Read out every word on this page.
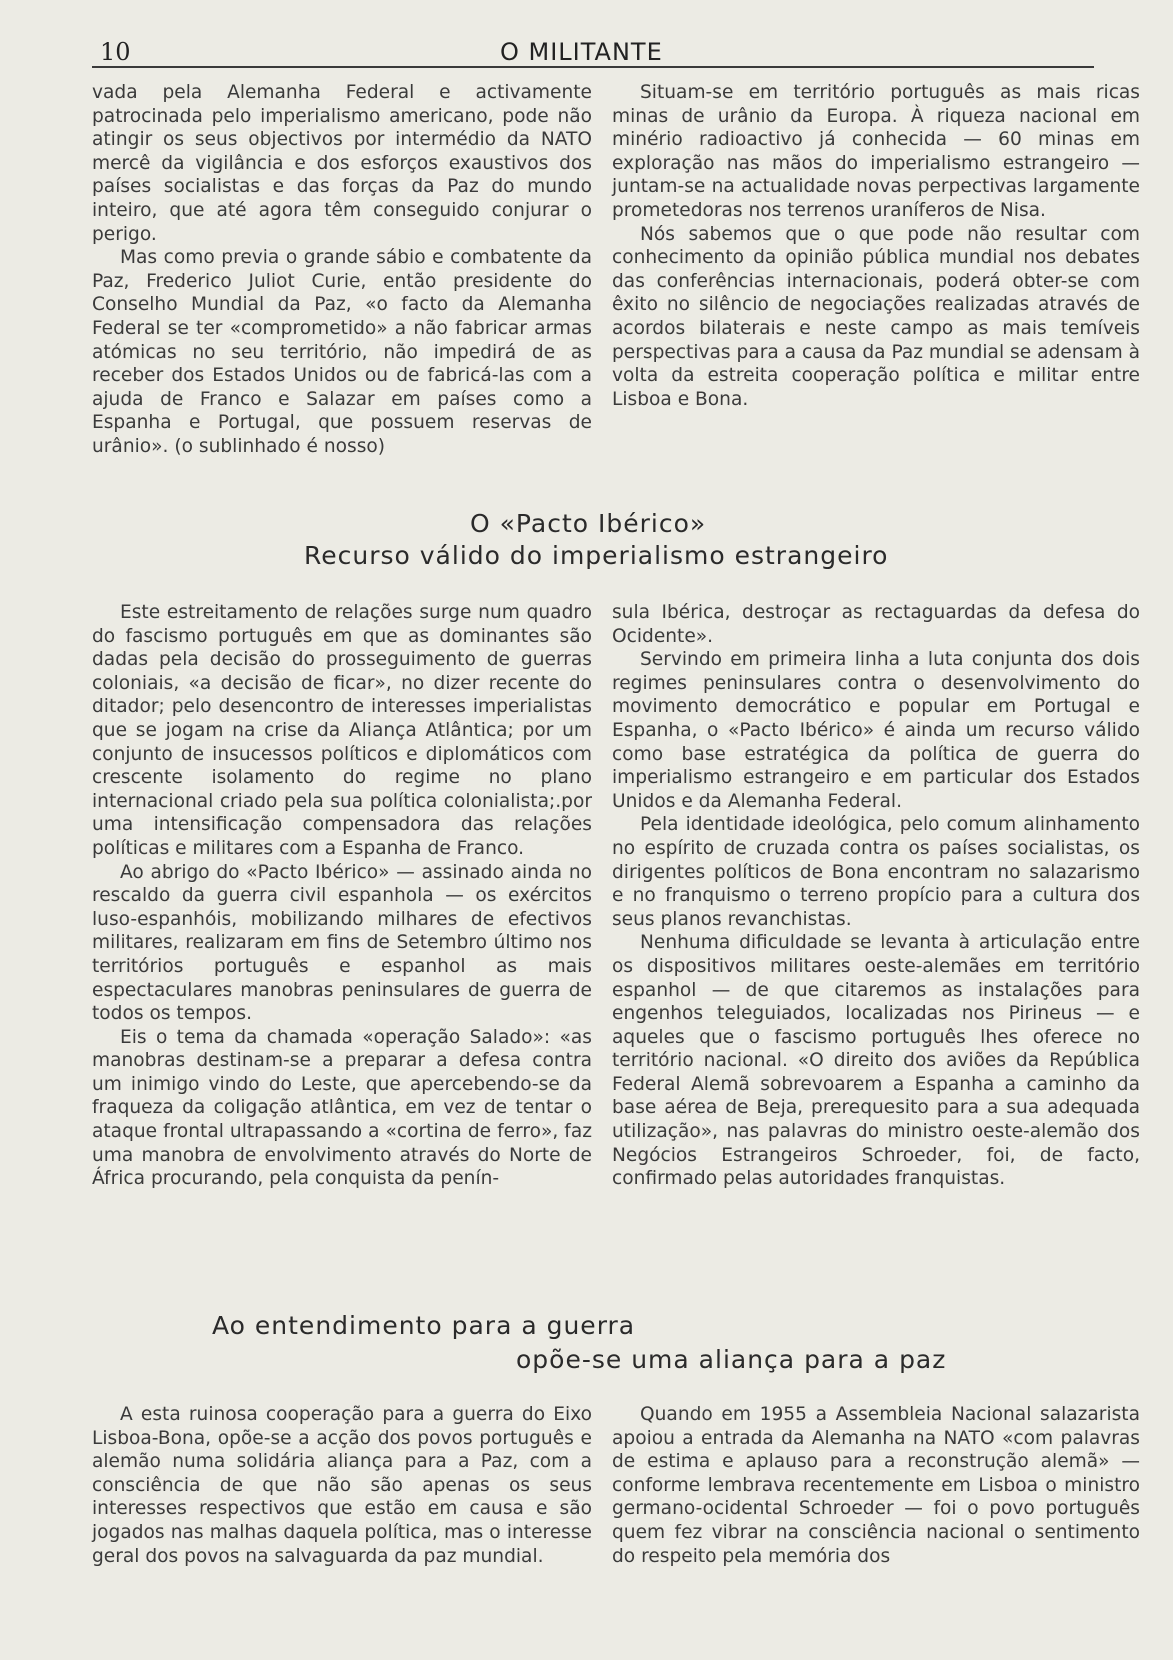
10	O MILITANTE

vada pela Alemanha Federal e activamente patrocinada pelo imperialismo americano, pode não atingir os seus objectivos por intermédio da NATO mercê da vigilância e dos esforços exaustivos dos países socialistas e das forças da Paz do mundo inteiro, que até agora têm conseguido conjurar o perigo.

Mas como previa o grande sábio e combatente da Paz, Frederico Juliot Curie, então presidente do Conselho Mundial da Paz, «o facto da Alemanha Federal se ter «comprometido» a não fabricar armas atómicas no seu território, não impedirá de as receber dos Estados Unidos ou de fabricá-las com a ajuda de Franco e Salazar em países como a Espanha e Portugal, que possuem reservas de urânio». (o sublinhado é nosso)

Situam-se em território português as mais ricas minas de urânio da Europa. À riqueza nacional em minério radioactivo já conhecida — 60 minas em exploração nas mãos do imperialismo estrangeiro — juntam-se na actualidade novas perpectivas largamente prometedoras nos terrenos uraníferos de Nisa.

Nós sabemos que o que pode não resultar com conhecimento da opinião pública mundial nos debates das conferências internacionais, poderá obter-se com êxito no silêncio de negociações realizadas através de acordos bilaterais e neste campo as mais temíveis perspectivas para a causa da Paz mundial se adensam à volta da estreita cooperação política e militar entre Lisboa e Bona.

O «Pacto Ibérico»
Recurso válido do imperialismo estrangeiro

Este estreitamento de relações surge num quadro do fascismo português em que as dominantes são dadas pela decisão do prosseguimento de guerras coloniais, «a decisão de ficar», no dizer recente do ditador; pelo desencontro de interesses imperialistas que se jogam na crise da Aliança Atlântica; por um conjunto de insucessos políticos e diplomáticos com crescente isolamento do regime no plano internacional criado pela sua política colonialista;.por uma intensificação compensadora das relações políticas e militares com a Espanha de Franco.

Ao abrigo do «Pacto Ibérico» — assinado ainda no rescaldo da guerra civil espanhola — os exércitos luso-espanhóis, mobilizando milhares de efectivos militares, realizaram em fins de Setembro último nos territórios português e espanhol as mais espectaculares manobras peninsulares de guerra de todos os tempos.

Eis o tema da chamada «operação Salado»: «as manobras destinam-se a preparar a defesa contra um inimigo vindo do Leste, que apercebendo-se da fraqueza da coligação atlântica, em vez de tentar o ataque frontal ultrapassando a «cortina de ferro», faz uma manobra de envolvimento através do Norte de África procurando, pela conquista da penín-

sula Ibérica, destroçar as rectaguardas da defesa do Ocidente».

Servindo em primeira linha a luta conjunta dos dois regimes peninsulares contra o desenvolvimento do movimento democrático e popular em Portugal e Espanha, o «Pacto Ibérico» é ainda um recurso válido como base estratégica da política de guerra do imperialismo estrangeiro e em particular dos Estados Unidos e da Alemanha Federal.

Pela identidade ideológica, pelo comum alinhamento no espírito de cruzada contra os países socialistas, os dirigentes políticos de Bona encontram no salazarismo e no franquismo o terreno propício para a cultura dos seus planos revanchistas.

Nenhuma dificuldade se levanta à articulação entre os dispositivos militares oeste-alemães em território espanhol — de que citaremos as instalações para engenhos teleguiados, localizadas nos Pirineus — e aqueles que o fascismo português lhes oferece no território nacional. «O direito dos aviões da República Federal Alemã sobrevoarem a Espanha a caminho da base aérea de Beja, prerequesito para a sua adequada utilização», nas palavras do ministro oeste-alemão dos Negócios Estrangeiros Schroeder, foi, de facto, confirmado pelas autoridades franquistas.

Ao entendimento para a guerra
opõe-se uma aliança para a paz

A esta ruinosa cooperação para a guerra do Eixo Lisboa-Bona, opõe-se a acção dos povos português e alemão numa solidária aliança para a Paz, com a consciência de que não são apenas os seus interesses respectivos que estão em causa e são jogados nas malhas daquela política, mas o interesse geral dos povos na salvaguarda da paz mundial.

Quando em 1955 a Assembleia Nacional salazarista apoiou a entrada da Alemanha na NATO «com palavras de estima e aplauso para a reconstrução alemã» — conforme lembrava recentemente em Lisboa o ministro germano-ocidental Schroeder — foi o povo português quem fez vibrar na consciência nacional o sentimento do respeito pela memória dos
